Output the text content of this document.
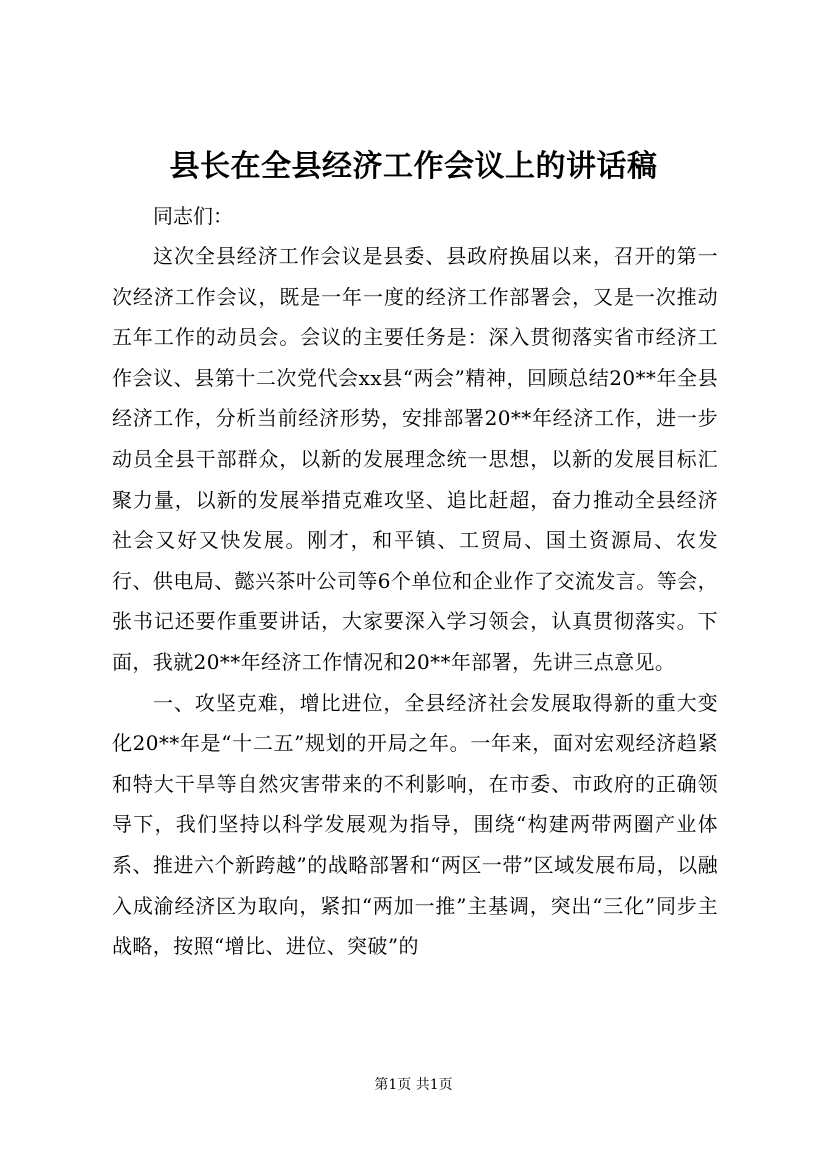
县长在全县经济工作会议上的讲话稿
同志们：

这次全县经济工作会议是县委、县政府换届以来，召开的第一次经济工作会议，既是一年一度的经济工作部署会，又是一次推动五年工作的动员会。会议的主要任务是：深入贯彻落实省市经济工作会议、县第十二次党代会xx县“两会”精神，回顾总结20**年全县经济工作，分析当前经济形势，安排部署20**年经济工作，进一步动员全县干部群众，以新的发展理念统一思想，以新的发展目标汇聚力量，以新的发展举措克难攻坚、追比赶超，奋力推动全县经济社会又好又快发展。刚才，和平镇、工贸局、国土资源局、农发行、供电局、懿兴茶叶公司等6个单位和企业作了交流发言。等会，张书记还要作重要讲话，大家要深入学习领会，认真贯彻落实。下面，我就20**年经济工作情况和20**年部署，先讲三点意见。

一、攻坚克难，增比进位，全县经济社会发展取得新的重大变化20**年是“十二五”规划的开局之年。一年来，面对宏观经济趋紧和特大干旱等自然灾害带来的不利影响，在市委、市政府的正确领导下，我们坚持以科学发展观为指导，围绕“构建两带两圈产业体系、推进六个新跨越”的战略部署和“两区一带”区域发展布局，以融入成渝经济区为取向，紧扣“两加一推”主基调，突出“三化”同步主战略，按照“增比、进位、突破”的

第1页 共1页
